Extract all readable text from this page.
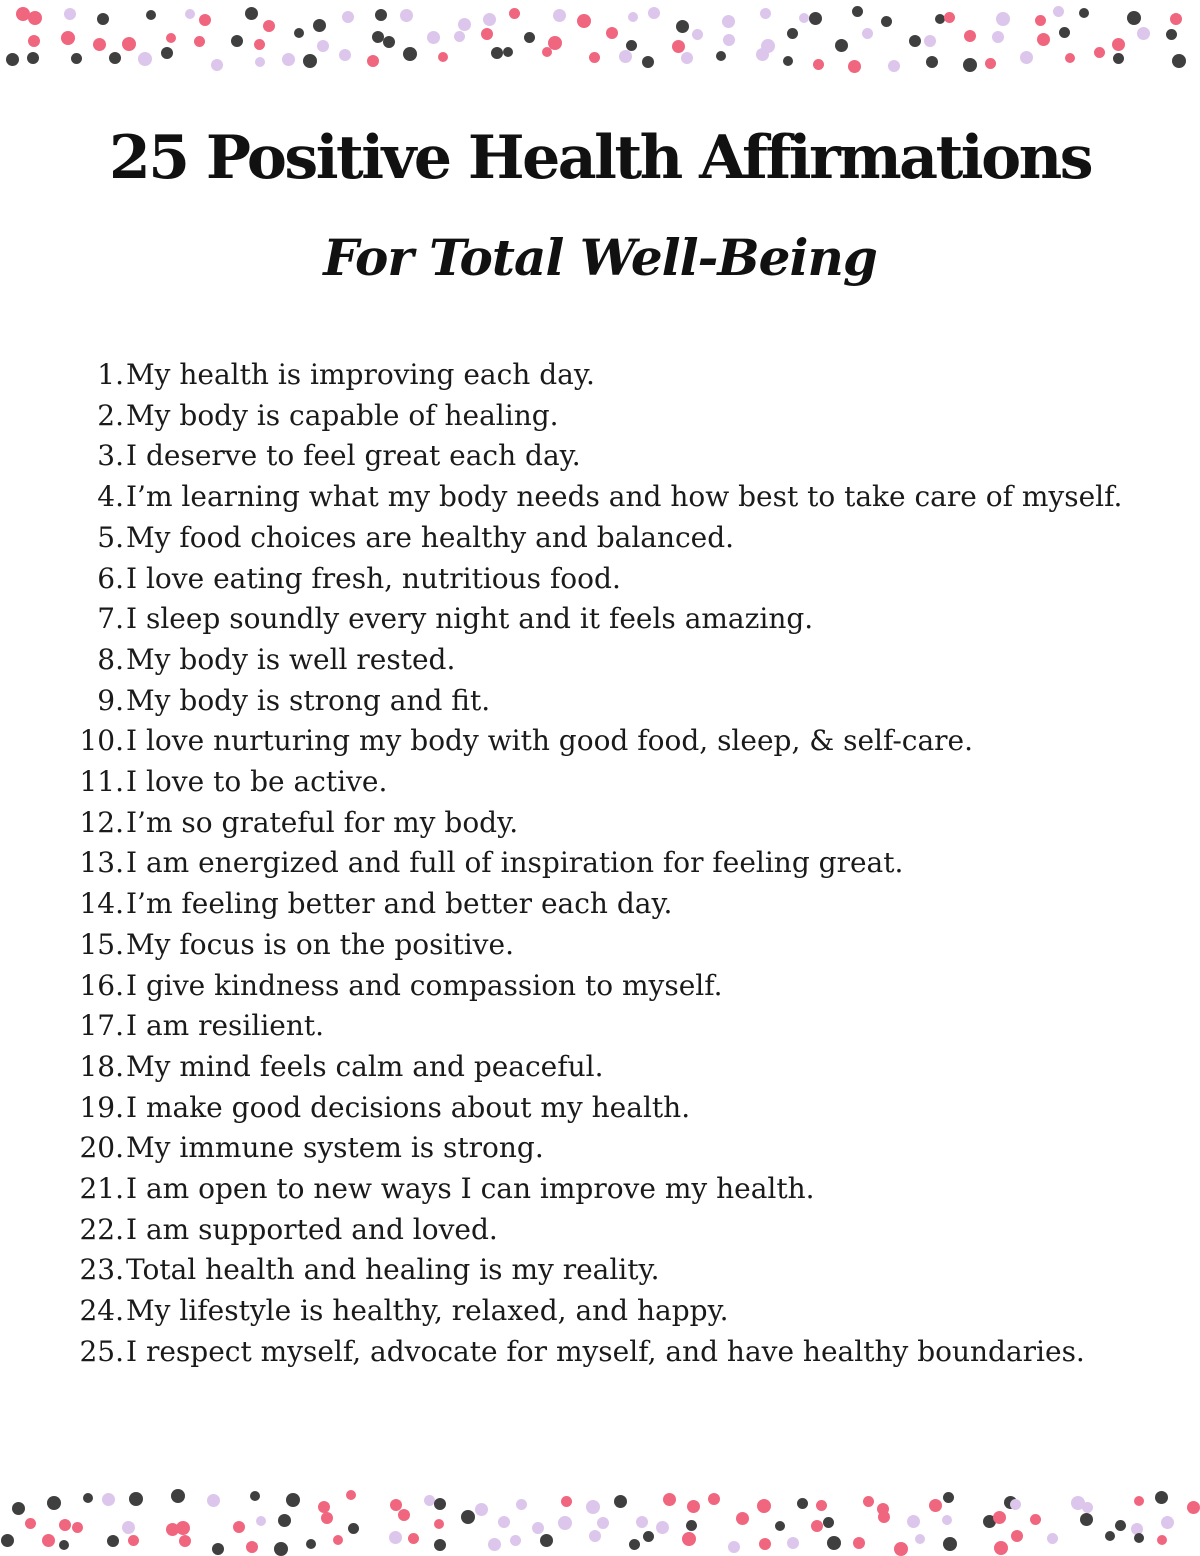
25 Positive Health Affirmations
For Total Well-Being
1. My health is improving each day.
2. My body is capable of healing.
3. I deserve to feel great each day.
4. I’m learning what my body needs and how best to take care of myself.
5. My food choices are healthy and balanced.
6. I love eating fresh, nutritious food.
7. I sleep soundly every night and it feels amazing.
8. My body is well rested.
9. My body is strong and fit.
10. I love nurturing my body with good food, sleep, & self-care.
11. I love to be active.
12. I’m so grateful for my body.
13. I am energized and full of inspiration for feeling great.
14. I’m feeling better and better each day.
15. My focus is on the positive.
16. I give kindness and compassion to myself.
17. I am resilient.
18. My mind feels calm and peaceful.
19. I make good decisions about my health.
20. My immune system is strong.
21. I am open to new ways I can improve my health.
22. I am supported and loved.
23. Total health and healing is my reality.
24. My lifestyle is healthy, relaxed, and happy.
25. I respect myself, advocate for myself, and have healthy boundaries.
